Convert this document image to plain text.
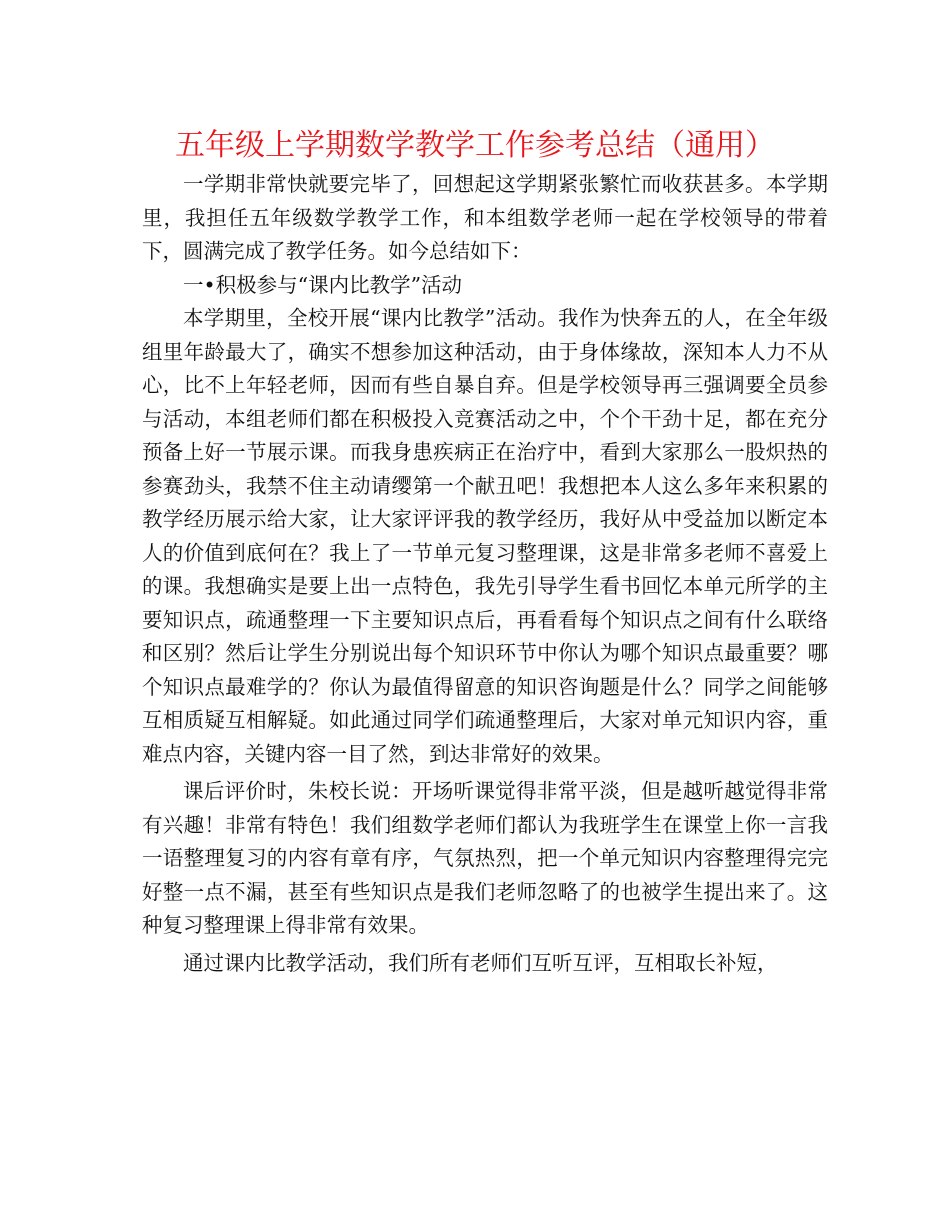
五年级上学期数学教学工作参考总结（通用）

一学期非常快就要完毕了，回想起这学期紧张繁忙而收获甚多。本学期里，我担任五年级数学教学工作，和本组数学老师一起在学校领导的带着下，圆满完成了教学任务。如今总结如下：

一•积极参与“课内比教学”活动

本学期里，全校开展“课内比教学”活动。我作为快奔五的人，在全年级组里年龄最大了，确实不想参加这种活动，由于身体缘故，深知本人力不从心，比不上年轻老师，因而有些自暴自弃。但是学校领导再三强调要全员参与活动，本组老师们都在积极投入竞赛活动之中，个个干劲十足，都在充分预备上好一节展示课。而我身患疾病正在治疗中，看到大家那么一股炽热的参赛劲头，我禁不住主动请缨第一个献丑吧！我想把本人这么多年来积累的教学经历展示给大家，让大家评评我的教学经历，我好从中受益加以断定本人的价值到底何在？我上了一节单元复习整理课，这是非常多老师不喜爱上的课。我想确实是要上出一点特色，我先引导学生看书回忆本单元所学的主要知识点，疏通整理一下主要知识点后，再看看每个知识点之间有什么联络和区别？然后让学生分别说出每个知识环节中你认为哪个知识点最重要？哪个知识点最难学的？你认为最值得留意的知识咨询题是什么？同学之间能够互相质疑互相解疑。如此通过同学们疏通整理后，大家对单元知识内容，重难点内容，关键内容一目了然，到达非常好的效果。

课后评价时，朱校长说：开场听课觉得非常平淡，但是越听越觉得非常有兴趣！非常有特色！我们组数学老师们都认为我班学生在课堂上你一言我一语整理复习的内容有章有序，气氛热烈，把一个单元知识内容整理得完完好整一点不漏，甚至有些知识点是我们老师忽略了的也被学生提出来了。这种复习整理课上得非常有效果。

通过课内比教学活动，我们所有老师们互听互评，互相取长补短，
